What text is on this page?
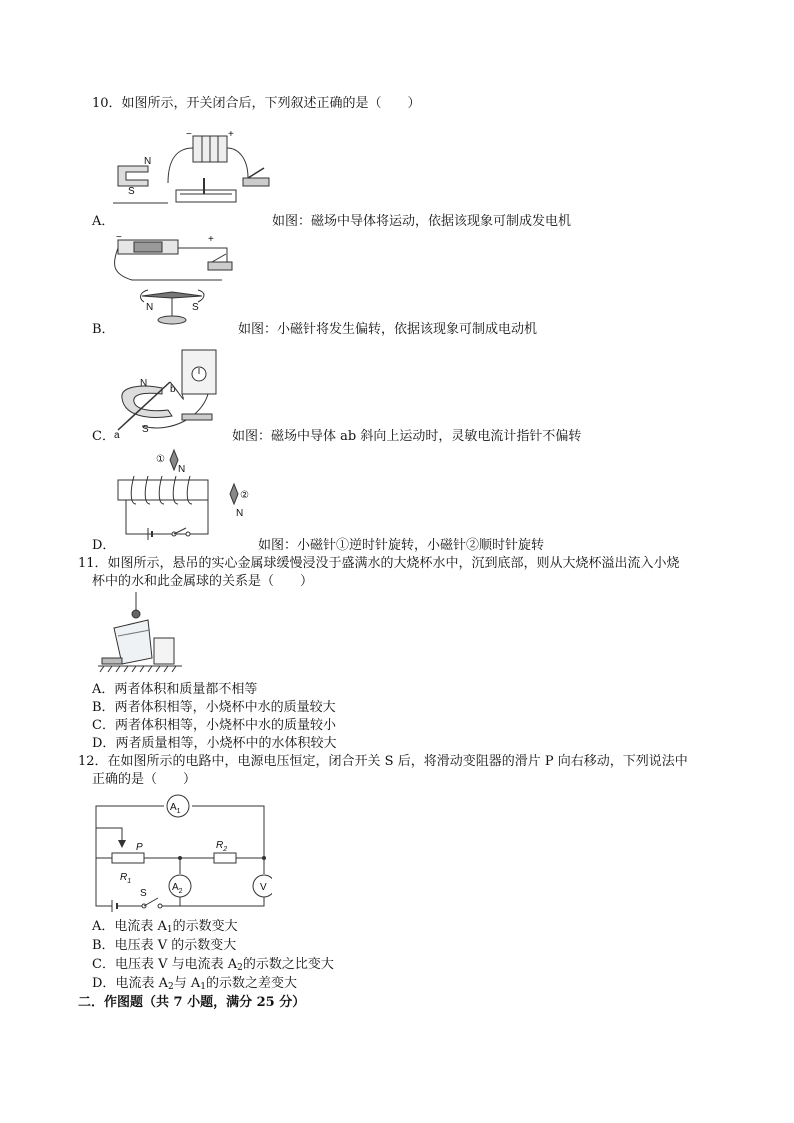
10．如图所示，开关闭合后，下列叙述正确的是（　　）
−	+
N
S
A．	如图：磁场中导体将运动，依据该现象可制成发电机
−	+
N	S
B．	如图：小磁针将发生偏转，依据该现象可制成电动机
N
S
a
b
C．	如图：磁场中导体 ab 斜向上运动时，灵敏电流计指针不偏转
①
N
②
N
D．	如图：小磁针①逆时针旋转，小磁针②顺时针旋转
11．如图所示，悬吊的实心金属球缓慢浸没于盛满水的大烧杯水中，沉到底部，则从大烧杯溢出流入小烧
杯中的水和此金属球的关系是（　　）
A．两者体积和质量都不相等
B．两者体积相等，小烧杯中水的质量较大
C．两者体积相等，小烧杯中水的质量较小
D．两者质量相等，小烧杯中的水体积较大
12．在如图所示的电路中，电源电压恒定，闭合开关 S 后，将滑动变阻器的滑片 P 向右移动，下列说法中
正确的是（　　）
$A_1$
P
$R_1$
$R_2$
$A_2$	V
S
A．电流表 $A_1$的示数变大
B．电压表 V 的示数变大
C．电压表 V 与电流表 $A_2$的示数之比变大
D．电流表 $A_2$与 $A_1$的示数之差变大
二．作图题（共 7 小题，满分 25 分）
